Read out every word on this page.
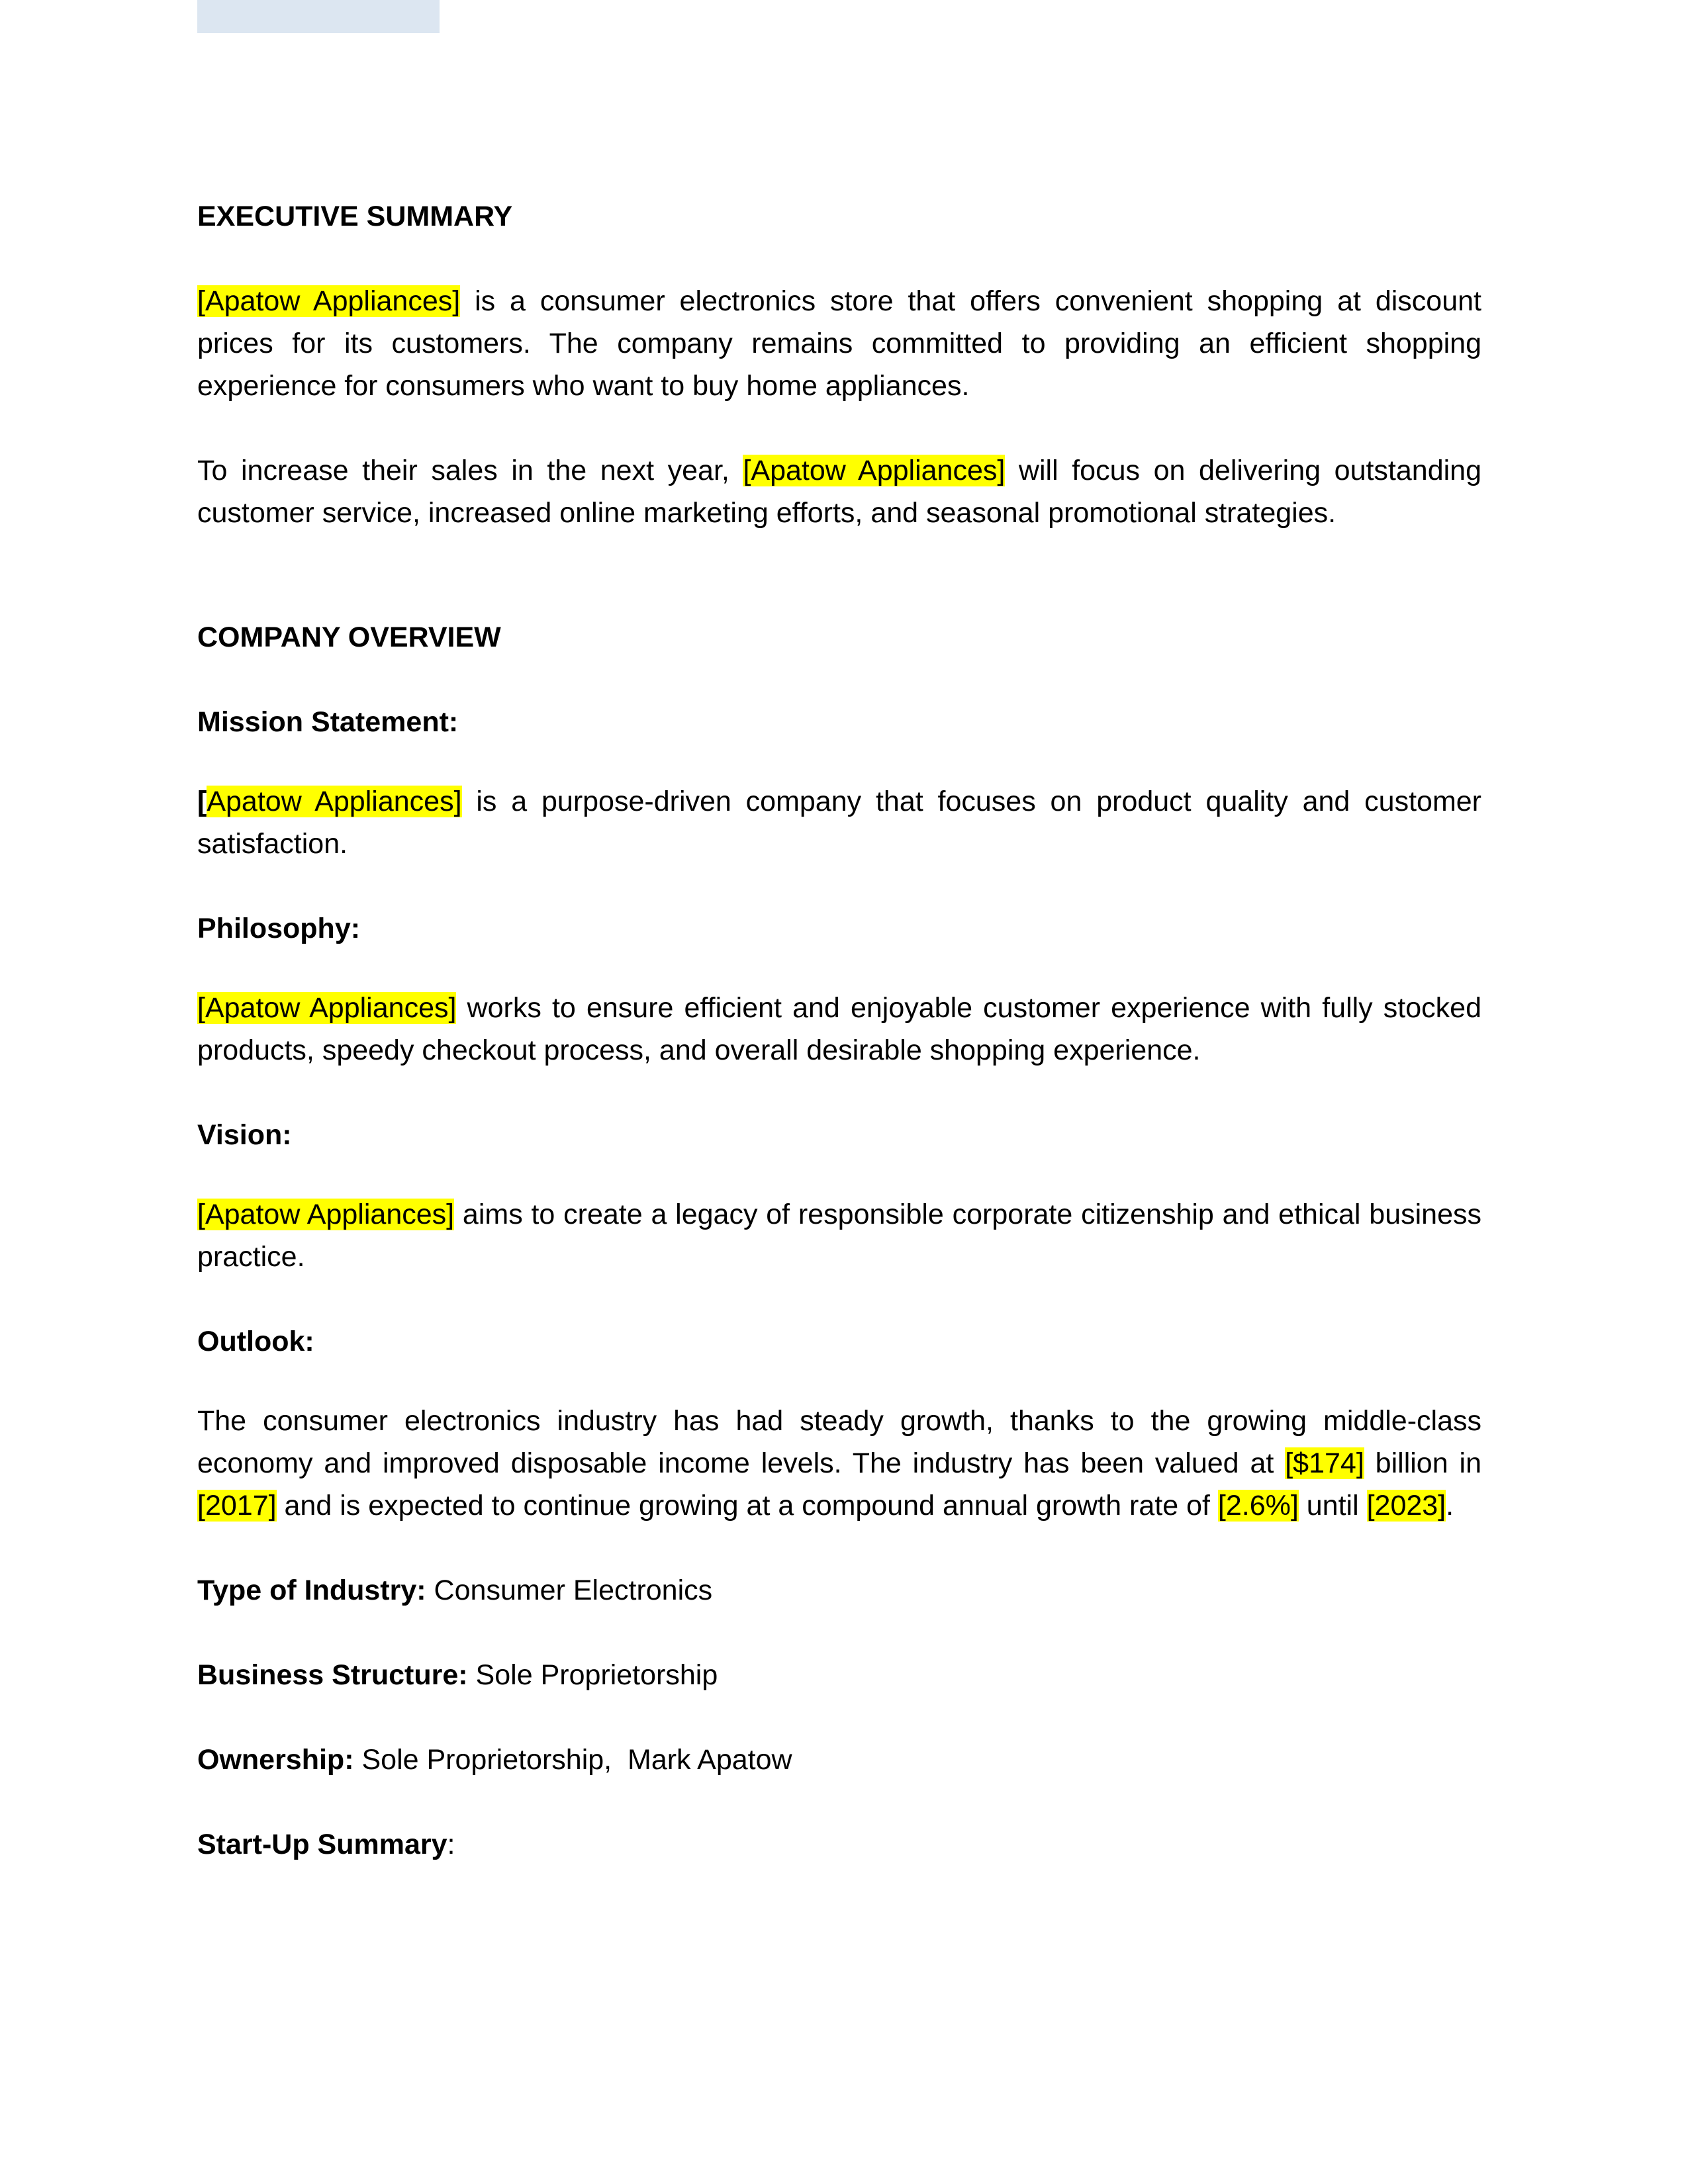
EXECUTIVE SUMMARY
[Apatow Appliances] is a consumer electronics store that offers convenient shopping at discount prices for its customers. The company remains committed to providing an efficient shopping experience for consumers who want to buy home appliances.
To increase their sales in the next year, [Apatow Appliances] will focus on delivering outstanding customer service, increased online marketing efforts, and seasonal promotional strategies.
COMPANY OVERVIEW
Mission Statement:
[Apatow Appliances] is a purpose-driven company that focuses on product quality and customer satisfaction.
Philosophy:
[Apatow Appliances] works to ensure efficient and enjoyable customer experience with fully stocked products, speedy checkout process, and overall desirable shopping experience.
Vision:
[Apatow Appliances] aims to create a legacy of responsible corporate citizenship and ethical business practice.
Outlook:
The consumer electronics industry has had steady growth, thanks to the growing middle-class economy and improved disposable income levels. The industry has been valued at [$174] billion in [2017] and is expected to continue growing at a compound annual growth rate of [2.6%] until [2023].
Type of Industry: Consumer Electronics
Business Structure: Sole Proprietorship
Ownership: Sole Proprietorship,  Mark Apatow
Start-Up Summary:
